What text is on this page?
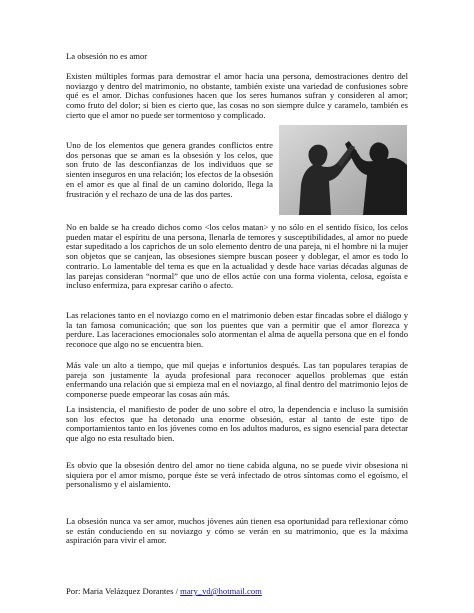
La obsesión no es amor

Existen múltiples formas para demostrar el amor hacia una persona, demostraciones dentro del noviazgo y dentro del matrimonio, no obstante, también existe una variedad de confusiones sobre qué es el amor. Dichas confusiones hacen que los seres humanos sufran y consideren al amor; como fruto del dolor; si bien es cierto que, las cosas no son siempre dulce y caramelo, también es cierto que el amor no puede ser tormentoso y complicado.

Uno de los elementos que genera grandes conflictos entre dos personas que se aman es la obsesión y los celos, que son fruto de las desconfianzas de los individuos que se sienten inseguros en una relación; los efectos de la obsesión en el amor es que al final de un camino dolorido, llega la frustración y el rechazo de una de las dos partes.

No en balde se ha creado dichos como <los celos matan> y no sólo en el sentido físico, los celos pueden matar el espíritu de una persona, llenarla de temores y susceptibilidades, al amor no puede estar supeditado a los caprichos de un solo elemento dentro de una pareja, ni el hombre ni la mujer son objetos que se canjean, las obsesiones siempre buscan poseer y doblegar, el amor es todo lo contrario. Lo lamentable del tema es que en la actualidad y desde hace varias décadas algunas de las parejas consideran “normal” que uno de ellos actúe con una forma violenta, celosa, egoísta e incluso enfermiza, para expresar cariño o afecto.

Las relaciones tanto en el noviazgo como en el matrimonio deben estar fincadas sobre el diálogo y la tan famosa comunicación; que son los puentes que van a permitir que el amor florezca y perdure. Las laceraciones emocionales solo atormentan el alma de aquella persona que en el fondo reconoce que algo no se encuentra bien.

Más vale un alto a tiempo, que mil quejas e infortunios después. Las tan populares terapias de pareja son justamente la ayuda profesional para reconocer aquellos problemas que están enfermando una relación que si empieza mal en el noviazgo, al final dentro del matrimonio lejos de componerse puede empeorar las cosas aún más.

La insistencia, el manifiesto de poder de uno sobre el otro, la dependencia e incluso la sumisión son los efectos que ha detonado una enorme obsesión, estar al tanto de este tipo de comportamientos tanto en los jóvenes como en los adultos maduros, es signo esencial para detectar que algo no esta resultado bien.

Es obvio que la obsesión dentro del amor no tiene cabida alguna, no se puede vivir obsesiona ni siquiera por el amor mismo, porque éste se verá infectado de otros síntomas como el egoísmo, el personalismo y el aislamiento.

La obsesión nunca va ser amor, muchos jóvenes aún tienen esa oportunidad para reflexionar cómo se están conduciendo en su noviazgo y cómo se verán en su matrimonio, que es la máxima aspiración para vivir el amor.

Por: Maria Velázquez Dorantes / mary_vd@hotmail.com
